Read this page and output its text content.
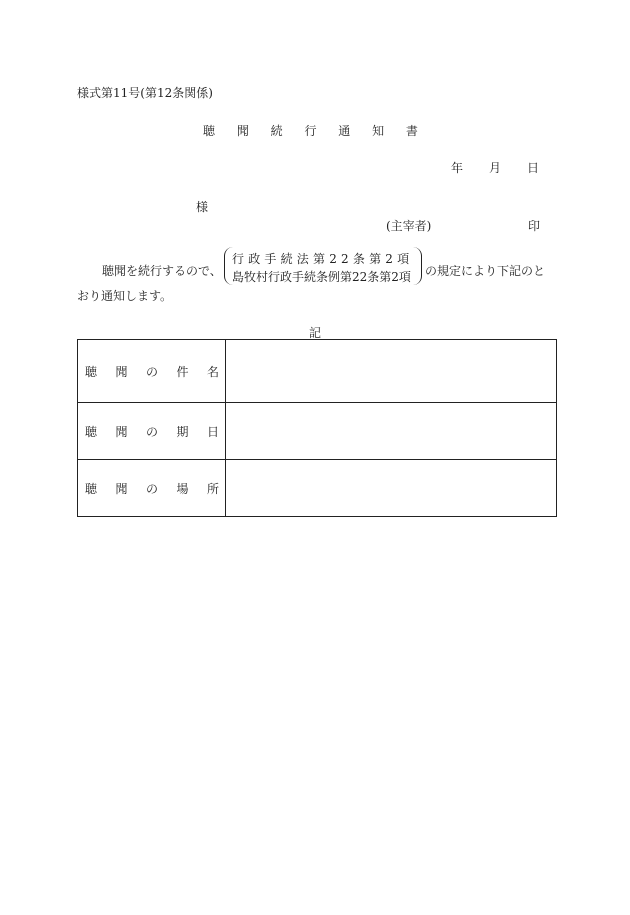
様式第11号(第12条関係)
聴 聞 続 行 通 知 書
年 月 日
様
(主宰者)	印
聴聞を続行するので、
行政手続法第22条第2項
島牧村行政手続条例第22条第2項 の規定により下記のと
おり通知します。
記
聴聞の件名	
聴聞の期日	
聴聞の場所	
